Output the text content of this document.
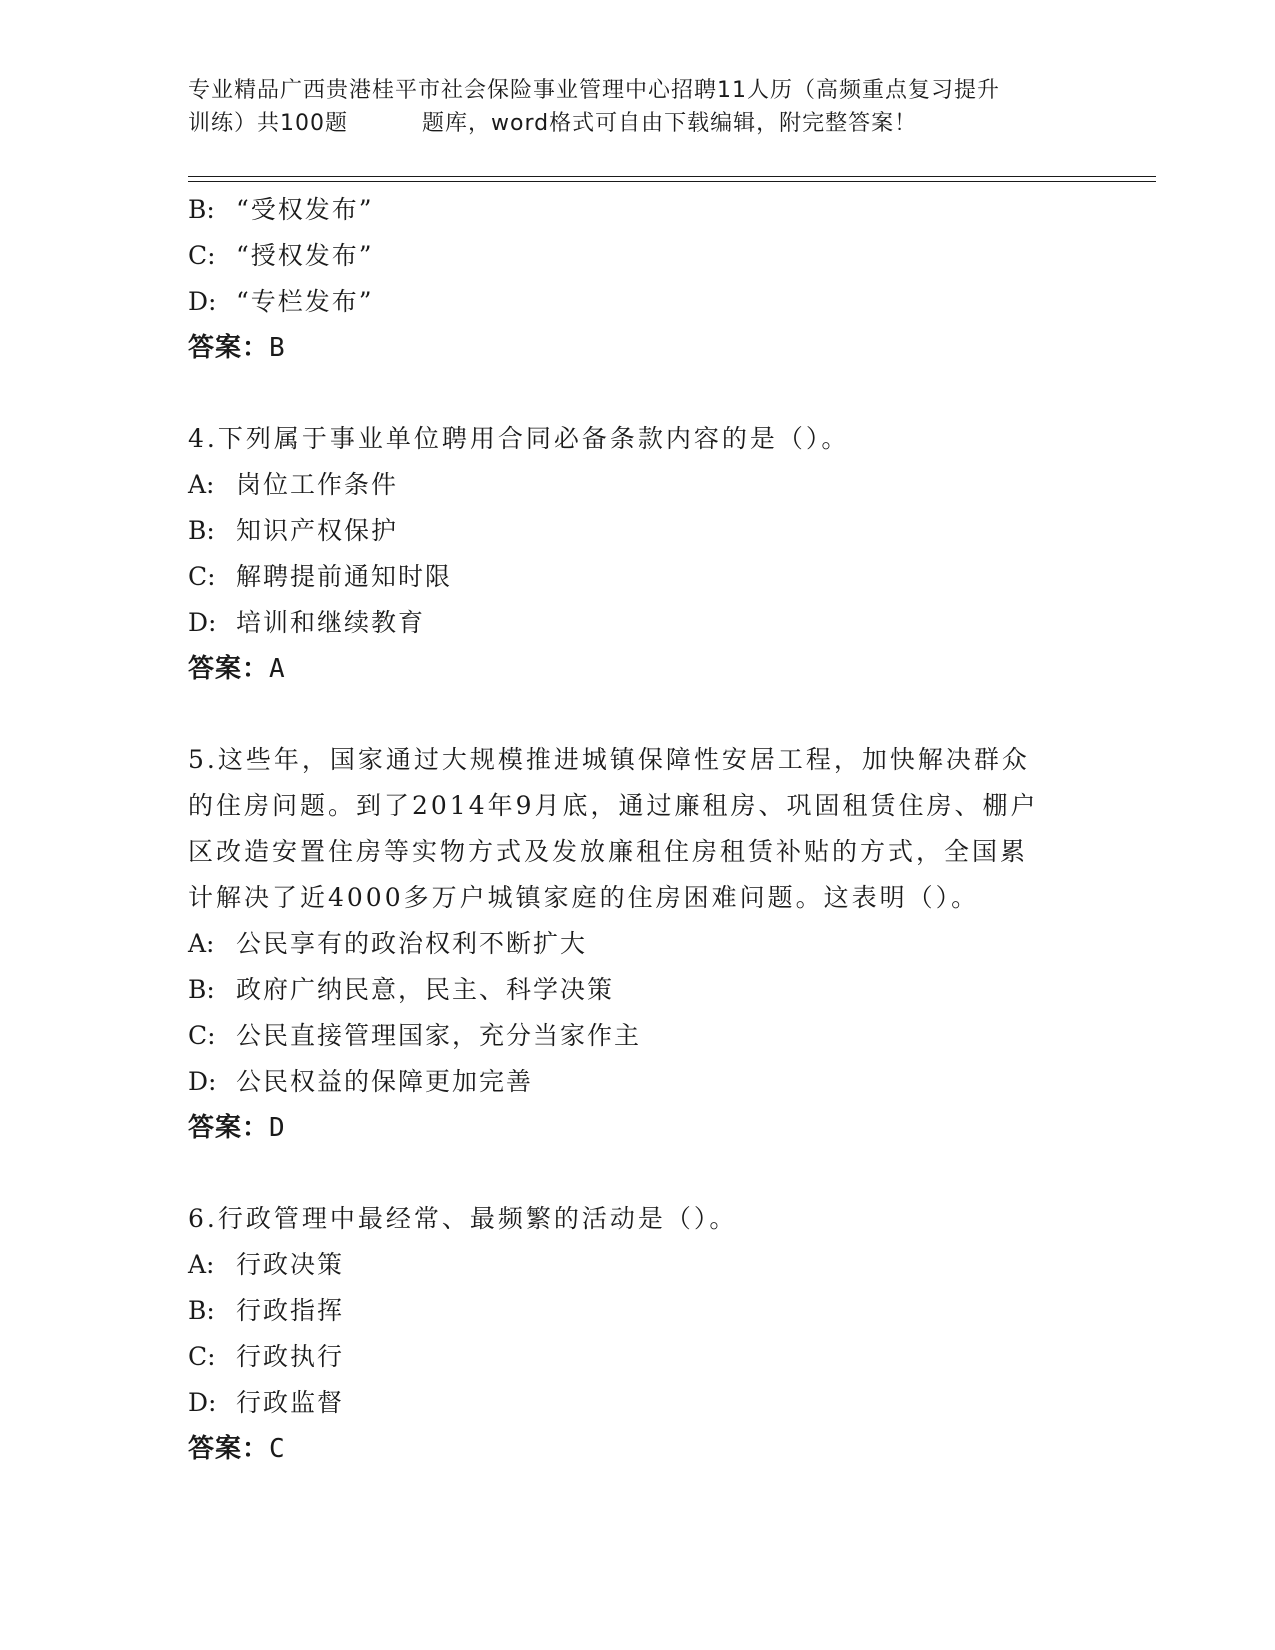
专业精品广西贵港桂平市社会保险事业管理中心招聘11人历（高频重点复习提升
训练）共100题	题库，word格式可自由下载编辑，附完整答案！
B: “受权发布”
C: “授权发布”
D: “专栏发布”
答案：B
4.下列属于事业单位聘用合同必备条款内容的是（）。
A: 岗位工作条件
B: 知识产权保护
C: 解聘提前通知时限
D: 培训和继续教育
答案：A
5.这些年，国家通过大规模推进城镇保障性安居工程，加快解决群众
的住房问题。到了2014年9月底，通过廉租房、巩固租赁住房、棚户
区改造安置住房等实物方式及发放廉租住房租赁补贴的方式，全国累
计解决了近4000多万户城镇家庭的住房困难问题。这表明（）。
A: 公民享有的政治权利不断扩大
B: 政府广纳民意，民主、科学决策
C: 公民直接管理国家，充分当家作主
D: 公民权益的保障更加完善
答案：D
6.行政管理中最经常、最频繁的活动是（）。
A: 行政决策
B: 行政指挥
C: 行政执行
D: 行政监督
答案：C
